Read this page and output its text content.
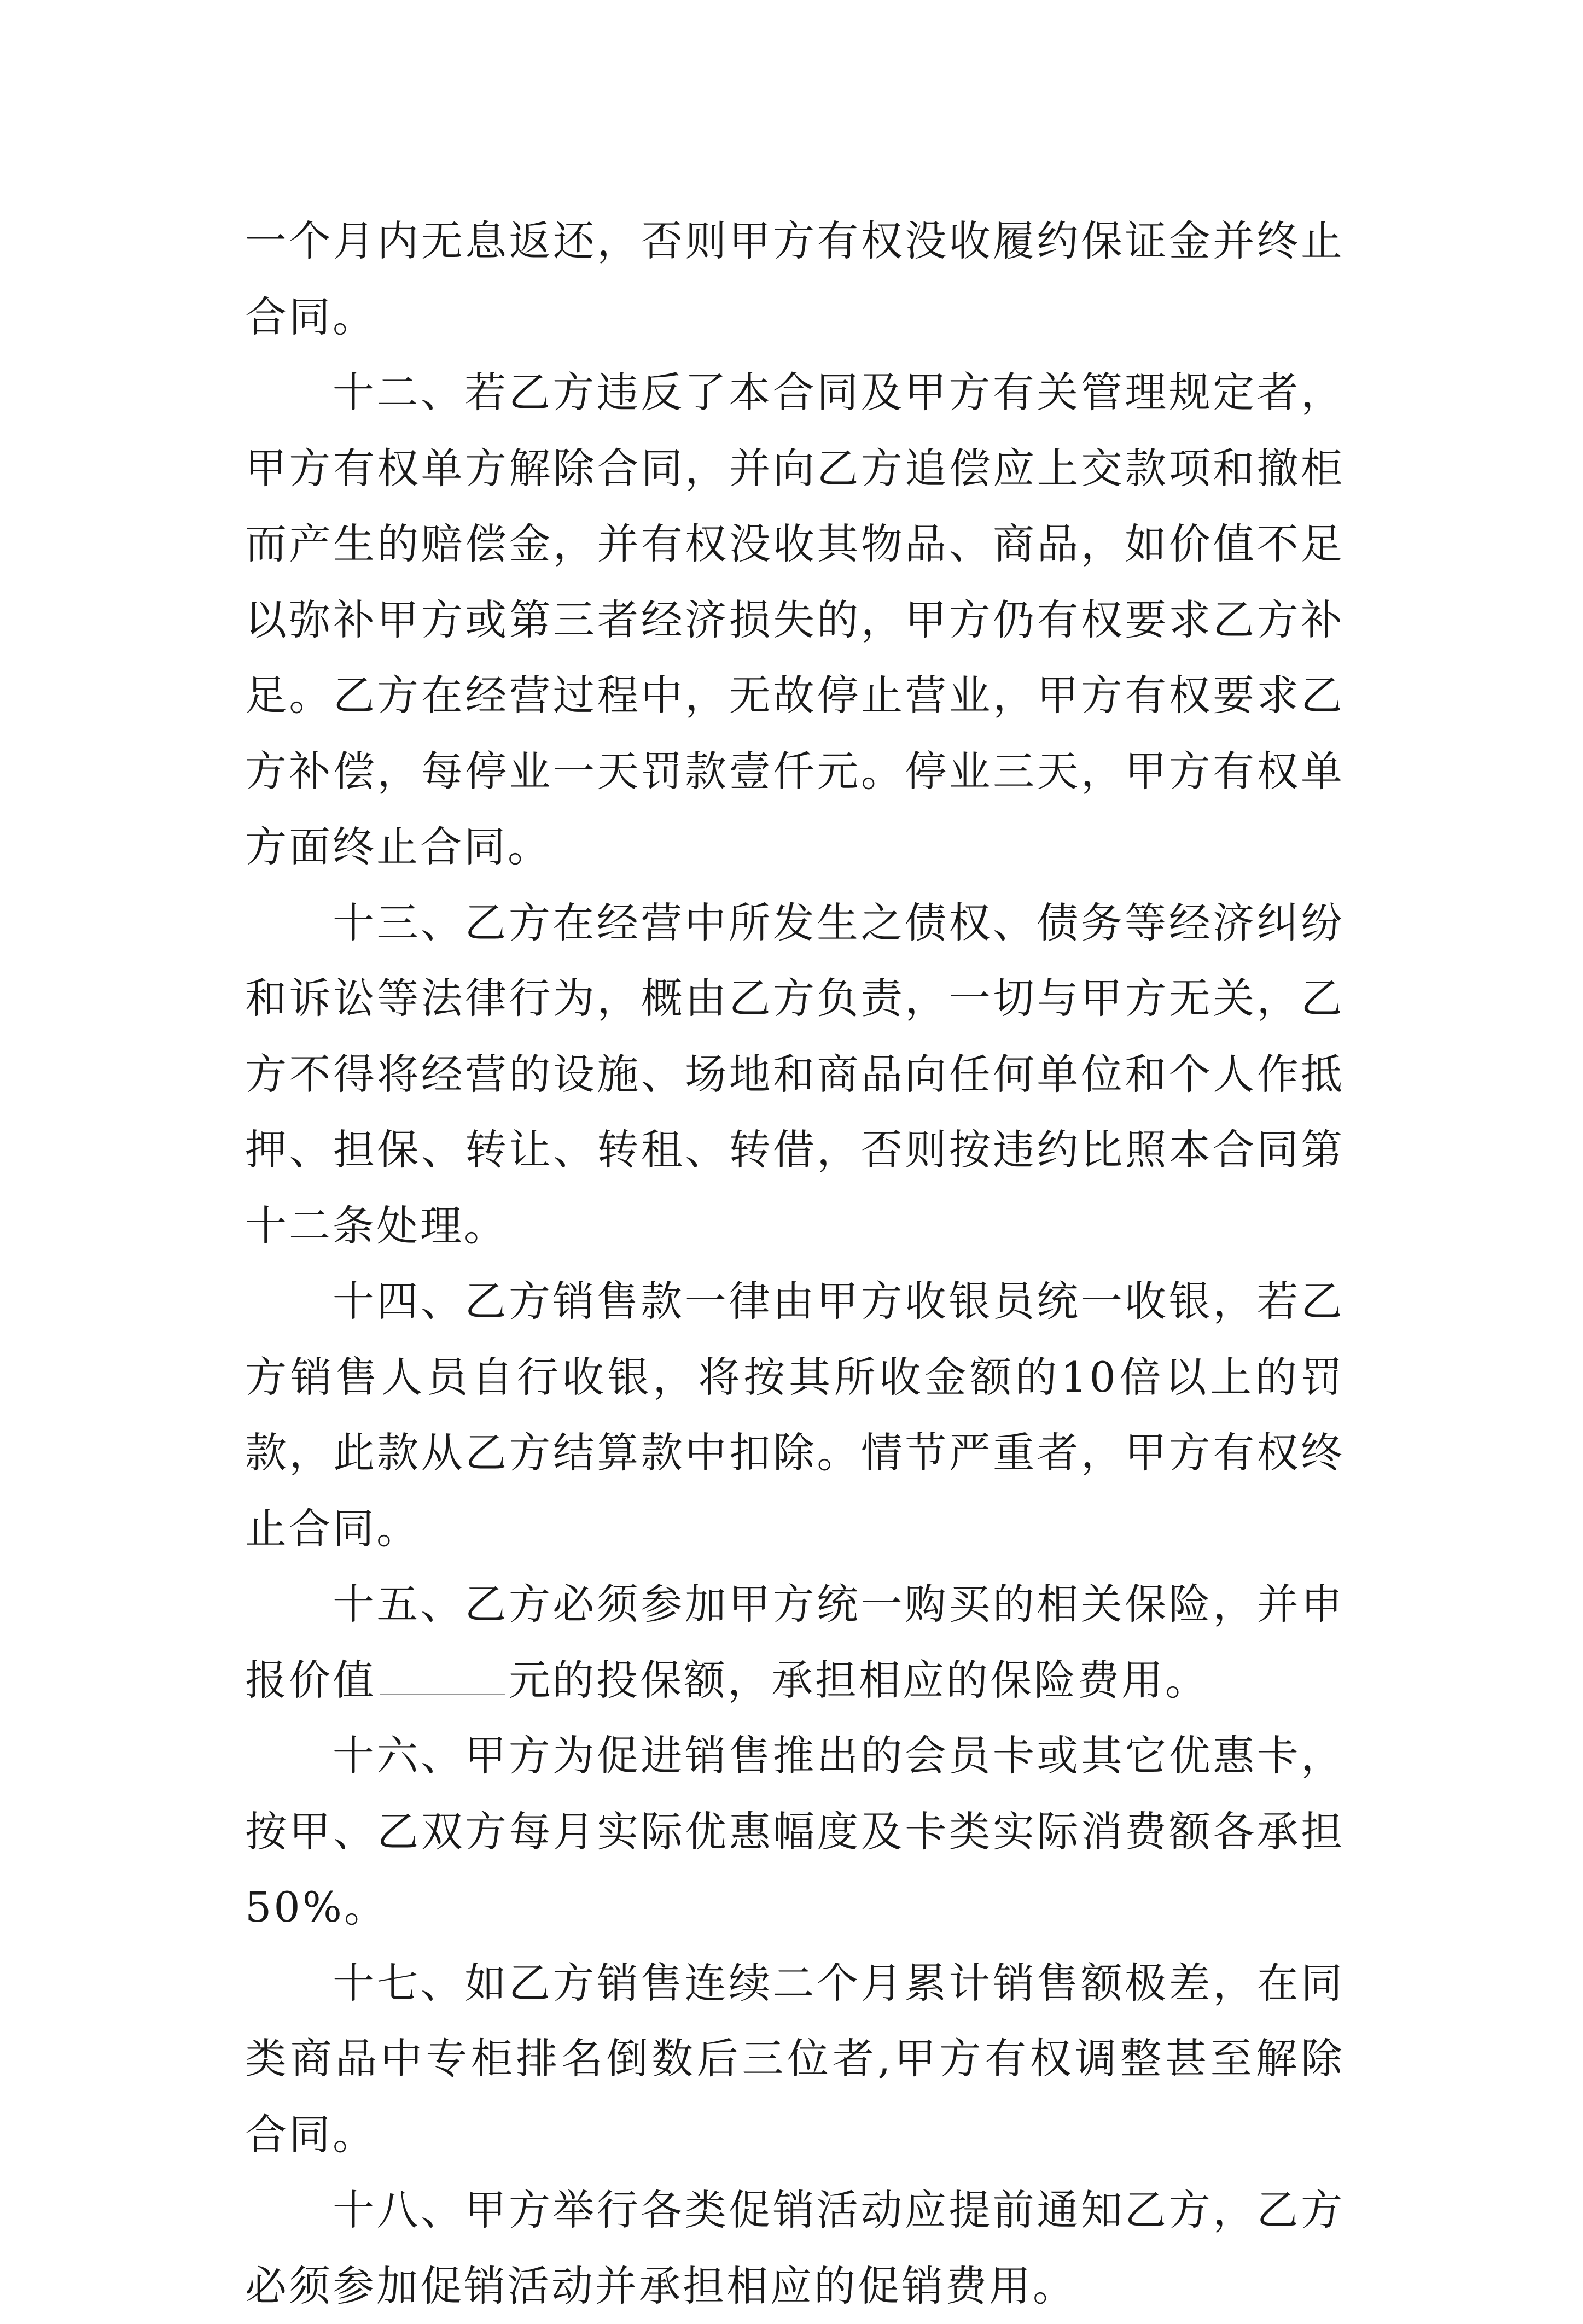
一个月内无息返还，否则甲方有权没收履约保证金并终止合同。

十二、若乙方违反了本合同及甲方有关管理规定者，甲方有权单方解除合同，并向乙方追偿应上交款项和撤柜而产生的赔偿金，并有权没收其物品、商品，如价值不足以弥补甲方或第三者经济损失的，甲方仍有权要求乙方补足。乙方在经营过程中，无故停止营业，甲方有权要求乙方补偿，每停业一天罚款壹仟元。停业三天，甲方有权单方面终止合同。

十三、乙方在经营中所发生之债权、债务等经济纠纷和诉讼等法律行为，概由乙方负责，一切与甲方无关，乙方不得将经营的设施、场地和商品向任何单位和个人作抵押、担保、转让、转租、转借，否则按违约比照本合同第十二条处理。

十四、乙方销售款一律由甲方收银员统一收银，若乙方销售人员自行收银，将按其所收金额的10倍以上的罚款，此款从乙方结算款中扣除。情节严重者，甲方有权终止合同。

十五、乙方必须参加甲方统一购买的相关保险，并申报价值	元的投保额，承担相应的保险费用。

十六、甲方为促进销售推出的会员卡或其它优惠卡，按甲、乙双方每月实际优惠幅度及卡类实际消费额各承担50%。

十七、如乙方销售连续二个月累计销售额极差，在同类商品中专柜排名倒数后三位者,甲方有权调整甚至解除合同。

十八、甲方举行各类促销活动应提前通知乙方，乙方必须参加促销活动并承担相应的促销费用。
